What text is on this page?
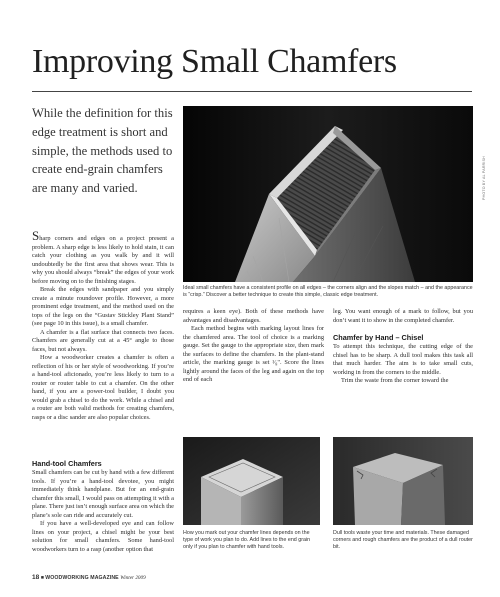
Improving Small Chamfers
PHOTO BY AL PARRISH
While the definition for this edge treatment is short and simple, the methods used to create end-grain chamfers are many and varied.

Sharp corners and edges on a project present a problem. A sharp edge is less likely to hold stain, it can catch your clothing as you walk by and it will undoubtedly be the first area that shows wear. This is why you should always “break” the edges of your work before moving on to the finishing stages.

Break the edges with sandpaper and you simply create a minute roundover profile. However, a more prominent edge treatment, and the method used on the tops of the legs on the “Gustav Stickley Plant Stand” (see page 10 in this issue), is a small chamfer.

A chamfer is a flat surface that connects two faces. Chamfers are generally cut at a 45° angle to those faces, but not always.

How a woodworker creates a chamfer is often a reflection of his or her style of woodworking. If you’re a hand-tool aficionado, you’re less likely to turn to a router or router table to cut a chamfer. On the other hand, if you are a power-tool builder, I doubt you would grab a chisel to do the work. While a chisel and a router are both valid methods for creating chamfers, rasps or a disc sander are also popular choices.

Hand-tool Chamfers

Small chamfers can be cut by hand with a few different tools. If you’re a hand-tool devotee, you might immediately think handplane. But for an end-grain chamfer this small, I would pass on attempting it with a plane. There just isn’t enough surface area on which the plane’s sole can ride and accurately cut.

If you have a well-developed eye and can follow lines on your project, a chisel might be your best solution for small chamfers. Some hand-tool woodworkers turn to a rasp (another option that

Ideal small chamfers have a consistent profile on all edges – the corners align and the slopes match – and the appearance is “crisp.” Discover a better technique to create this simple, classic edge treatment.

requires a keen eye). Both of these methods have advantages and disadvantages.

Each method begins with marking layout lines for the chamfered area. The tool of choice is a marking gauge. Set the gauge to the appropriate size, then mark the surfaces to define the chamfers. In the plant-stand article, the marking gauge is set ¹⁄₈". Score the lines lightly around the faces of the leg and again on the top end of each

leg. You want enough of a mark to follow, but you don’t want it to show in the completed chamfer.

Chamfer by Hand – Chisel

To attempt this technique, the cutting edge of the chisel has to be sharp. A dull tool makes this task all that much harder. The aim is to take small cuts, working in from the corners to the middle.

Trim the waste from the corner toward the

How you mark out your chamfer lines depends on the type of work you plan to do. Add lines to the end grain only if you plan to chamfer with hand tools.
Dull tools waste your time and materials. These damaged corners and rough chamfers are the product of a dull router bit.
18 ■ WOODWORKING MAGAZINE Winter 2009
